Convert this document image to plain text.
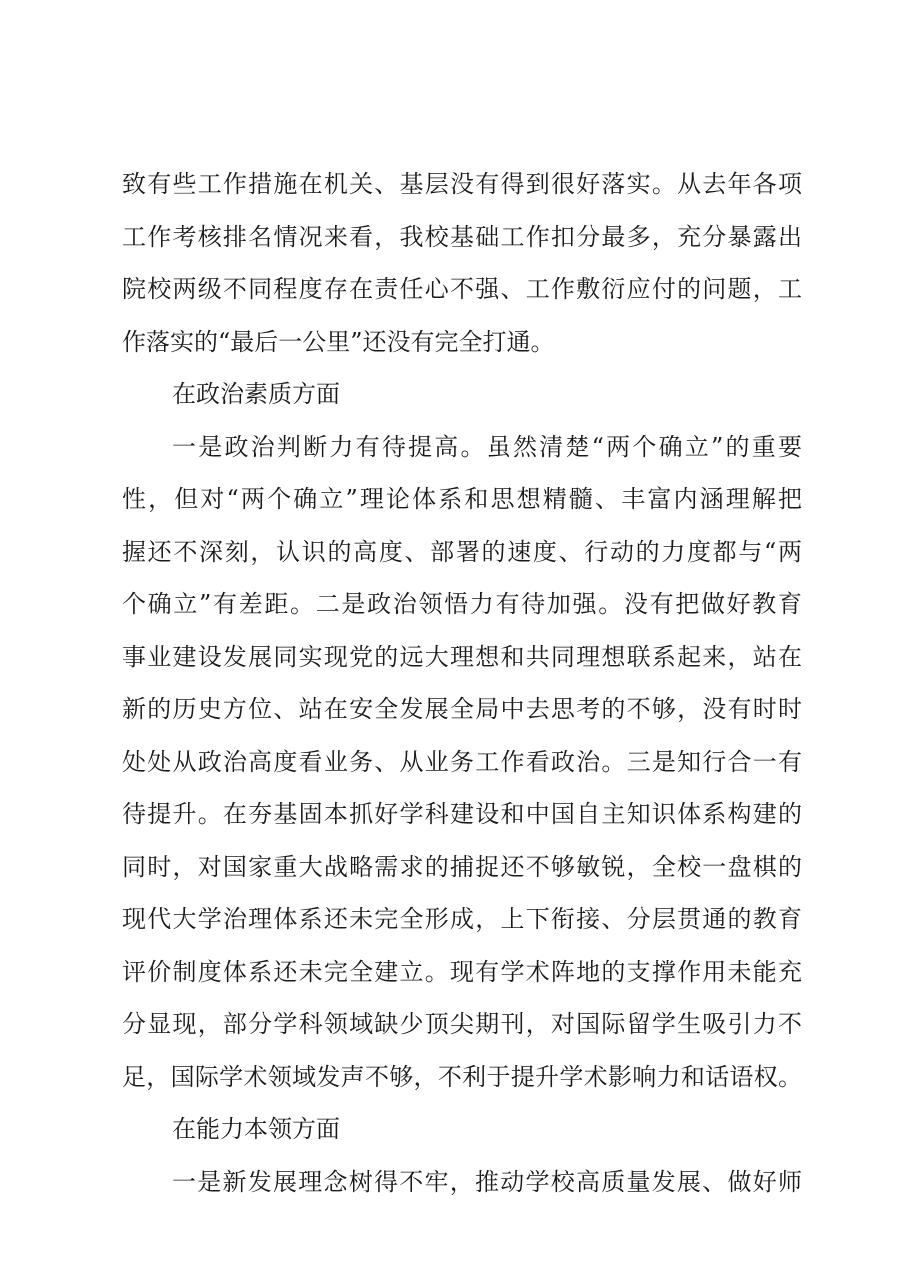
致有些工作措施在机关、基层没有得到很好落实。从去年各项
工作考核排名情况来看，我校基础工作扣分最多，充分暴露出
院校两级不同程度存在责任心不强、工作敷衍应付的问题，工
作落实的“最后一公里”还没有完全打通。
在政治素质方面
一是政治判断力有待提高。虽然清楚“两个确立”的重要
性，但对“两个确立”理论体系和思想精髓、丰富内涵理解把
握还不深刻，认识的高度、部署的速度、行动的力度都与“两
个确立”有差距。二是政治领悟力有待加强。没有把做好教育
事业建设发展同实现党的远大理想和共同理想联系起来，站在
新的历史方位、站在安全发展全局中去思考的不够，没有时时
处处从政治高度看业务、从业务工作看政治。三是知行合一有
待提升。在夯基固本抓好学科建设和中国自主知识体系构建的
同时，对国家重大战略需求的捕捉还不够敏锐，全校一盘棋的
现代大学治理体系还未完全形成，上下衔接、分层贯通的教育
评价制度体系还未完全建立。现有学术阵地的支撑作用未能充
分显现，部分学科领域缺少顶尖期刊，对国际留学生吸引力不
足，国际学术领域发声不够，不利于提升学术影响力和话语权。
在能力本领方面
一是新发展理念树得不牢，推动学校高质量发展、做好师
